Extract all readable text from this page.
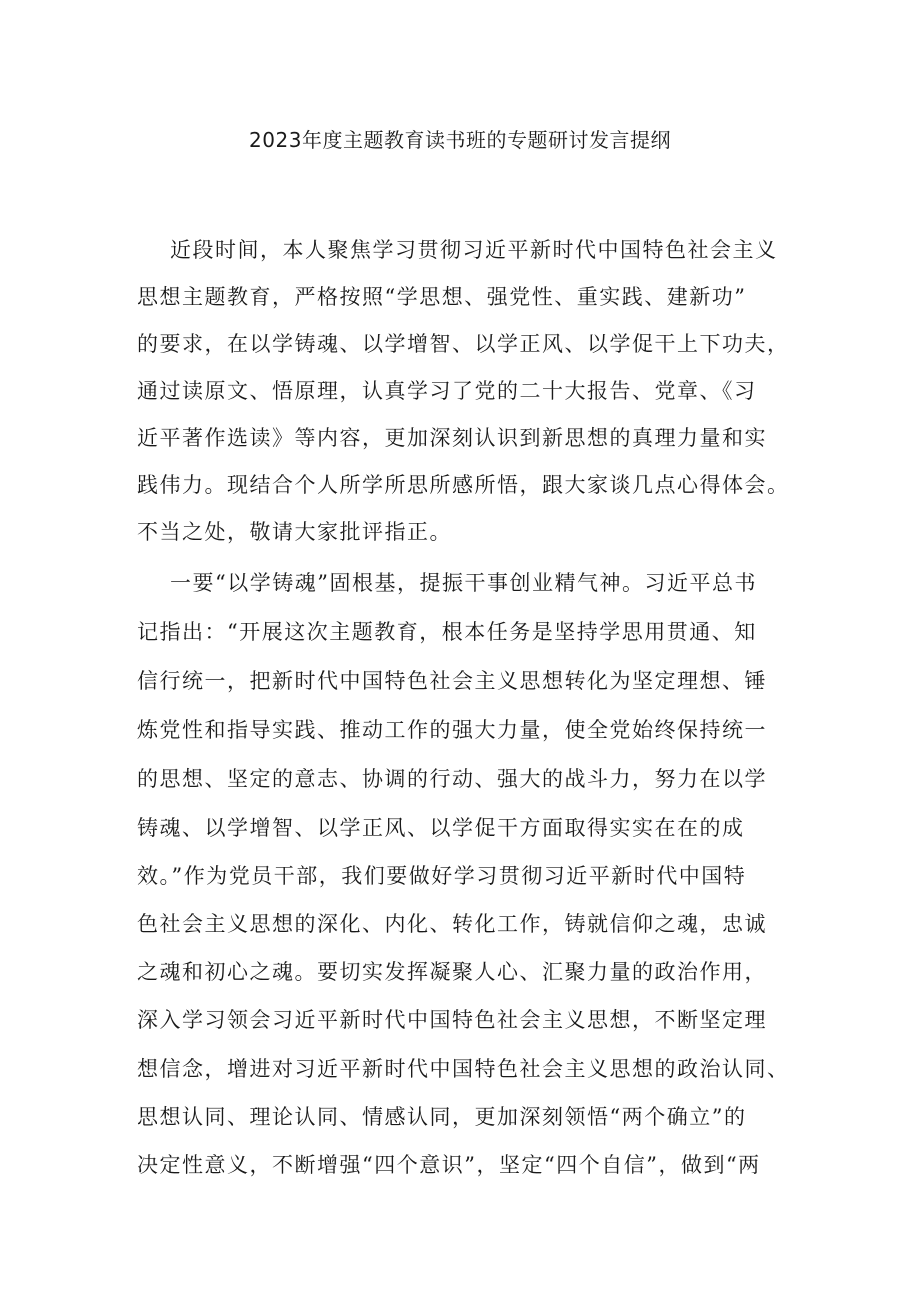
2023年度主题教育读书班的专题研讨发言提纲

近段时间，本人聚焦学习贯彻习近平新时代中国特色社会主义

思想主题教育，严格按照“学思想、强党性、重实践、建新功”

的要求，在以学铸魂、以学增智、以学正风、以学促干上下功夫，

通过读原文、悟原理，认真学习了党的二十大报告、党章、《习

近平著作选读》等内容，更加深刻认识到新思想的真理力量和实

践伟力。现结合个人所学所思所感所悟，跟大家谈几点心得体会。

不当之处，敬请大家批评指正。

一要“以学铸魂”固根基，提振干事创业精气神。习近平总书

记指出：“开展这次主题教育，根本任务是坚持学思用贯通、知

信行统一，把新时代中国特色社会主义思想转化为坚定理想、锤

炼党性和指导实践、推动工作的强大力量，使全党始终保持统一

的思想、坚定的意志、协调的行动、强大的战斗力，努力在以学

铸魂、以学增智、以学正风、以学促干方面取得实实在在的成

效。”作为党员干部，我们要做好学习贯彻习近平新时代中国特

色社会主义思想的深化、内化、转化工作，铸就信仰之魂，忠诚

之魂和初心之魂。要切实发挥凝聚人心、汇聚力量的政治作用，

深入学习领会习近平新时代中国特色社会主义思想，不断坚定理

想信念，增进对习近平新时代中国特色社会主义思想的政治认同、

思想认同、理论认同、情感认同，更加深刻领悟“两个确立”的

决定性意义，不断增强“四个意识”，坚定“四个自信”，做到“两
